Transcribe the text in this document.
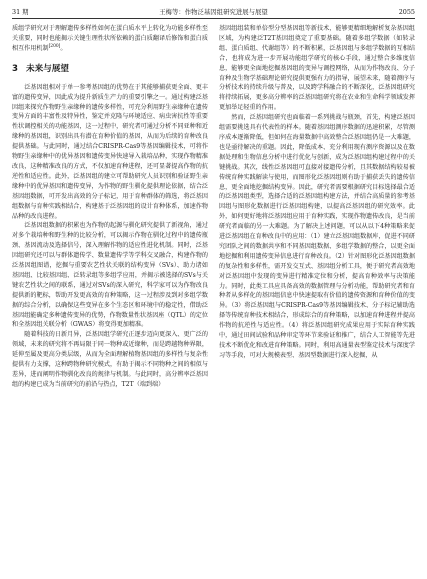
31 期	王梅等：作物泛基因组研究进展与展望	2055

质组学研究对于理解遗传多样性如何在蛋白质水平上转化为功能多样性至关重要，同时也能揭示关键生理性状所依赖的蛋白质翻译后修饰和蛋白质相互作用机制[200]。

3 未来与展望

泛基因组相对于单一参考基因组的优势在于其能够捕获更全面、更丰富的遗传变异，因此成为提升新质生产力的重要引擎之一。通过构建泛基因组来探究作物野生亲缘种的遗传多样性，可充分利用野生亲缘种在遗传变异方面的丰富性及特异性，鉴定并克隆与环境适应、病虫害抗性等重要性状调控相关的功能基因，这一过程中，研究者可通过分析不同亚种和近缘种的基因组，识别出具有潜在育种价值的基因，从而为后续的育种改良提供基础。与此同时，通过结合CRISPR-Cas9等基因编辑技术，可将作物野生亲缘种中的优异基因和遗传变异快速导入栽培品种，实现作物精准改良，这种精准改良的方式，不仅加速育种进程，还可显著提高作物的抗逆性和适应性。此外，泛基因组的建立可帮助研究人员识别和验证野生亲缘种中的优异基因和遗传变异，为作物的野生驯化提供理论依据，结合泛基因组数据，可开发出高效的分子标记，用于育种群体的筛选，将泛基因组数据与育种实践相结合，构建基于泛基因组的设计育种体系，加速作物品种的改良进程。

泛基因组数据的积累也为作物的起源与驯化研究提供了新视角，通过对多个栽培种和野生种的比较分析，可以揭示作物在驯化过程中的遗传瓶颈、基因流动及选择信号，深入理解作物的适应性进化机制。同时，泛基因组研究还可以与群体遗传学、数量遗传学等学科交叉融合，构建作物的泛基因组图谱，挖掘与重要农艺性状关联的结构变异（SVs）、助力诸如基因组、比较基因组、泛转录组等多组学应用，并揭示被选择的SVs与关键农艺性状之间的联系，通过对SVs的深入研究，科学家可以为作物改良提供新的靶标，帮助开发更高效的育种策略，这一过程涉及到对多组学数据的综合分析，以确保这些变异在多个生态区和环境中的稳定性，借助泛基因组能确定多种遗传变异的优势，作物数量性状基因座（QTL）的定位和全基因组关联分析（GWAS）将变得更加精准。

随着科技的日新月异，泛基因组学研究正逐步迈向更深入、更广泛的领域，未来的研究将不再局限于同一物种或近缘种，而是跨越物种界限，延伸至属及更高分类层级，从而为全面理解植物基因组的多样性与复杂性提供有力支撑，这种跨物种研究模式，有助于揭示不同物种之间的相似与差异，进而阐明作物驯化改良的规律与机制。与此同时，高分辨率泛基因组的构建已成为当前研究的前沿与热点，T2T（端到端）

基因组组装和单倍型分型基因组等新技术，能够更精细地解析复杂基因组区域，为构建泛T2T基因组奠定了重要基础。随着多组学数据（如转录组、蛋白质组、代谢组等）的不断积累，泛基因组与多组学数据的互相结合，也将成为进一步开展功能组学研究的核心手段，通过整合多维度信息，能够更全面地挖掘基因组的变异与调控网络，从而为作物改良、分子育种及生物学基础理论研究提供更强有力的指导，展望未来，随着测序与分析技术的持续升级与普及，以及跨学科融合的不断深化，泛基因组研究将持续拓展，更多高分辨率的泛基因组研究将在农业和生命科学领域发挥更加举足轻重的作用。

然而，泛基因组研究也面临着一系列挑战与瓶颈，首先，构建泛基因组需要挑选具有代表性的样本。随着基因组测序数据的迅速积累，尽管测序成本逐渐降低，但如何在海量数据中高效整合泛基因组仍是一大难题，也是亟待解决的重题。因此，降低成本、充分利用现有测序资源以及在数据处理和生物信息分析中进行优化与创新，成为泛基因组构建过程中的关键挑战。其次，线性泛基因组可直接对接遗传分析，且其数据结构较易被传统育种实践解读与使用，而图形化泛基因组则有助于捕获丢失的遗传信息，更全面地挖掘结构变异。因此，研究者需要根据研究目标选择最合适的泛基因组类型，选择合适的泛基因组构建方法，并结合高质量的参考基因组与图形化数据进行泛基因组构建，以提高泛基因组的研究效率。此外，如何更好地将泛基因组应用于育种实践，实现作物遗传改良，是当前研究者面临的另一大难题。为了解决上述问题，可以从以下4种策略来促进泛基因组在育种改良中的应用：（1）建立泛基因组数据库，促进不同研究团队之间的数据共享和不同基因组数据、多组学数据的整合，以更全面地挖掘和利用遗传变异信息进行育种改良。（2）针对图形化泛基因组数据的复杂性和多样性，需开发交互式、基因组分析工具，便于研究者高效地对泛基因组中发现的变异进行精准定位和分析，提高育种效率与决策能力。同时，此类工具应具备高效的数据管理与分析功能，帮助研究者和育种者从多样化的基因组信息中快速提取有价值的遗传资源和育种价值的变异。（3）将泛基因组与CRISPR-Cas9等基因编辑技术、分子标记辅助选择等传统育种技术相结合，形成综合的育种策略，以加速育种进程并提高作物的抗逆性与适应性。（4）将泛基因组研究成果应用于实际育种实践中，通过田间试验和品种审定等环节来验证和推广，结合人工智能等先进技术不断优化和改进育种策略。同时，利用高通量表型鉴定技术与深度学习等手段，可对大规模表型、基因型数据进行深入挖掘，从
